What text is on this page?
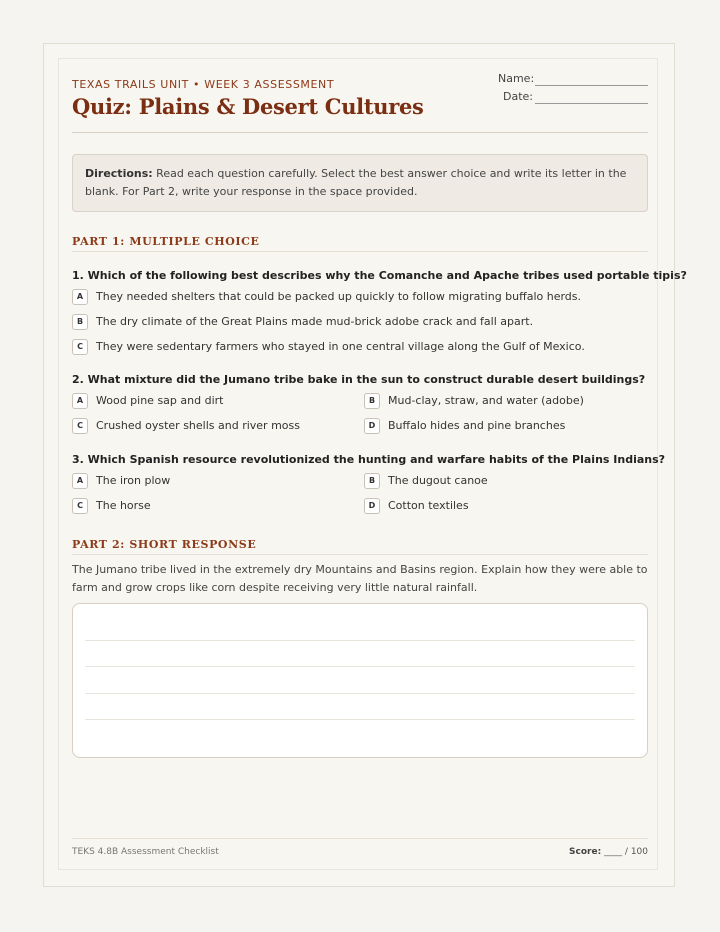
TEXAS TRAILS UNIT • WEEK 3 ASSESSMENT
Quiz: Plains & Desert Cultures
Name:
Date:
Directions: Read each question carefully. Select the best answer choice and write its letter in the blank. For Part 2, write your response in the space provided.
PART 1: MULTIPLE CHOICE
1. Which of the following best describes why the Comanche and Apache tribes used portable tipis?
A	They needed shelters that could be packed up quickly to follow migrating buffalo herds.
B	The dry climate of the Great Plains made mud-brick adobe crack and fall apart.
C	They were sedentary farmers who stayed in one central village along the Gulf of Mexico.
2. What mixture did the Jumano tribe bake in the sun to construct durable desert buildings?
A	Wood pine sap and dirt	B	Mud-clay, straw, and water (adobe)
C	Crushed oyster shells and river moss	D	Buffalo hides and pine branches
3. Which Spanish resource revolutionized the hunting and warfare habits of the Plains Indians?
A	The iron plow	B	The dugout canoe
C	The horse	D	Cotton textiles
PART 2: SHORT RESPONSE
The Jumano tribe lived in the extremely dry Mountains and Basins region. Explain how they were able to farm and grow crops like corn despite receiving very little natural rainfall.
TEKS 4.8B Assessment Checklist	Score: ____ / 100
